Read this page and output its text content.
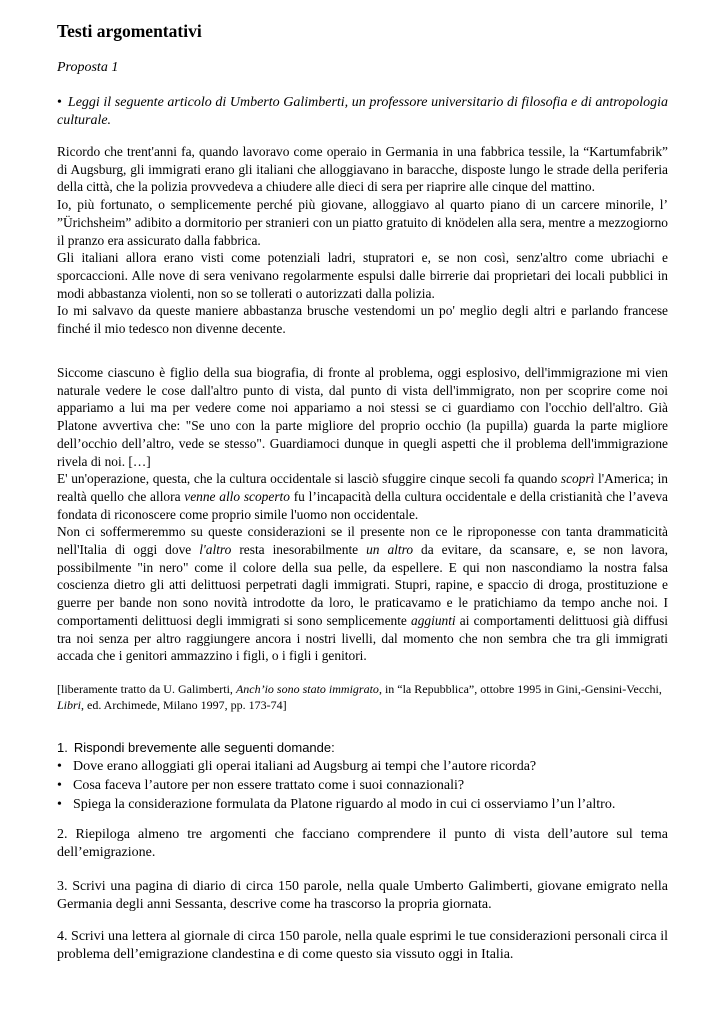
Testi argomentativi
Proposta 1
• Leggi il seguente articolo di Umberto Galimberti, un professore universitario di filosofia e di antropologia culturale.

Ricordo che trent'anni fa, quando lavoravo come operaio in Germania in una fabbrica tessile, la “Kartumfabrik” di Augsburg, gli immigrati erano gli italiani che alloggiavano in baracche, disposte lungo le strade della periferia della città, che la polizia provvedeva a chiudere alle dieci di sera per riaprire alle cinque del mattino.

Io, più fortunato, o semplicemente perché più giovane, alloggiavo al quarto piano di un carcere minorile, l’ ”Ürichsheim” adibito a dormitorio per stranieri con un piatto gratuito di knödelen alla sera, mentre a mezzogiorno il pranzo era assicurato dalla fabbrica.

Gli italiani allora erano visti come potenziali ladri, stupratori e, se non così, senz'altro come ubriachi e sporcaccioni. Alle nove di sera venivano regolarmente espulsi dalle birrerie dai proprietari dei locali pubblici in modi abbastanza violenti, non so se tollerati o autorizzati dalla polizia.

Io mi salvavo da queste maniere abbastanza brusche vestendomi un po' meglio degli altri e parlando francese finché il mio tedesco non divenne decente.

Siccome ciascuno è figlio della sua biografia, di fronte al problema, oggi esplosivo, dell'immigrazione mi vien naturale vedere le cose dall'altro punto di vista, dal punto di vista dell'immigrato, non per scoprire come noi appariamo a lui ma per vedere come noi appariamo a noi stessi se ci guardiamo con l'occhio dell'altro. Già Platone avvertiva che: "Se uno con la parte migliore del proprio occhio (la pupilla) guarda la parte migliore dell’occhio dell’altro, vede se stesso". Guardiamoci dunque in quegli aspetti che il problema dell'immigrazione rivela di noi. […]

E' un'operazione, questa, che la cultura occidentale si lasciò sfuggire cinque secoli fa quando scoprì l'America; in realtà quello che allora venne allo scoperto fu l’incapacità della cultura occidentale e della cristianità che l’aveva fondata di riconoscere come proprio simile l'uomo non occidentale.

Non ci soffermeremmo su queste considerazioni se il presente non ce le riproponesse con tanta drammaticità nell'Italia di oggi dove l'altro resta inesorabilmente un altro da evitare, da scansare, e, se non lavora, possibilmente "in nero" come il colore della sua pelle, da espellere. E qui non nascondiamo la nostra falsa coscienza dietro gli atti delittuosi perpetrati dagli immigrati. Stupri, rapine, e spaccio di droga, prostituzione e guerre per bande non sono novità introdotte da loro, le praticavamo e le pratichiamo da tempo anche noi. I comportamenti delittuosi degli immigrati si sono semplicemente aggiunti ai comportamenti delittuosi già diffusi tra noi senza per altro raggiungere ancora i nostri livelli, dal momento che non sembra che tra gli immigrati accada che i genitori ammazzino i figli, o i figli i genitori.

[liberamente tratto da U. Galimberti, Anch’io sono stato immigrato, in “la Repubblica”, ottobre 1995 in Gini,-Gensini-Vecchi, Libri, ed. Archimede, Milano 1997, pp. 173-74]
1. Rispondi brevemente alle seguenti domande:
• Dove erano alloggiati gli operai italiani ad Augsburg ai tempi che l’autore ricorda?
• Cosa faceva l’autore per non essere trattato come i suoi connazionali?
• Spiega la considerazione formulata da Platone riguardo al modo in cui ci osserviamo l’un l’altro.

2. Riepiloga almeno tre argomenti che facciano comprendere il punto di vista dell’autore sul tema dell’emigrazione.

3. Scrivi una pagina di diario di circa 150 parole, nella quale Umberto Galimberti, giovane emigrato nella Germania degli anni Sessanta, descrive come ha trascorso la propria giornata.

4. Scrivi una lettera al giornale di circa 150 parole, nella quale esprimi le tue considerazioni personali circa il problema dell’emigrazione clandestina e di come questo sia vissuto oggi in Italia.
